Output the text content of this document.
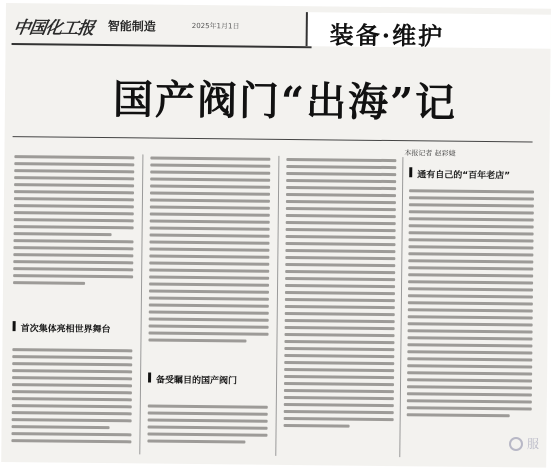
中国化工报 智能制造	2025年1月1日	装备·维护
国产阀门“出海”记
本报记者 赵彩婕
首次集体亮相世界舞台
备受瞩目的国产阀门
通有自己的“百年老店”
服
